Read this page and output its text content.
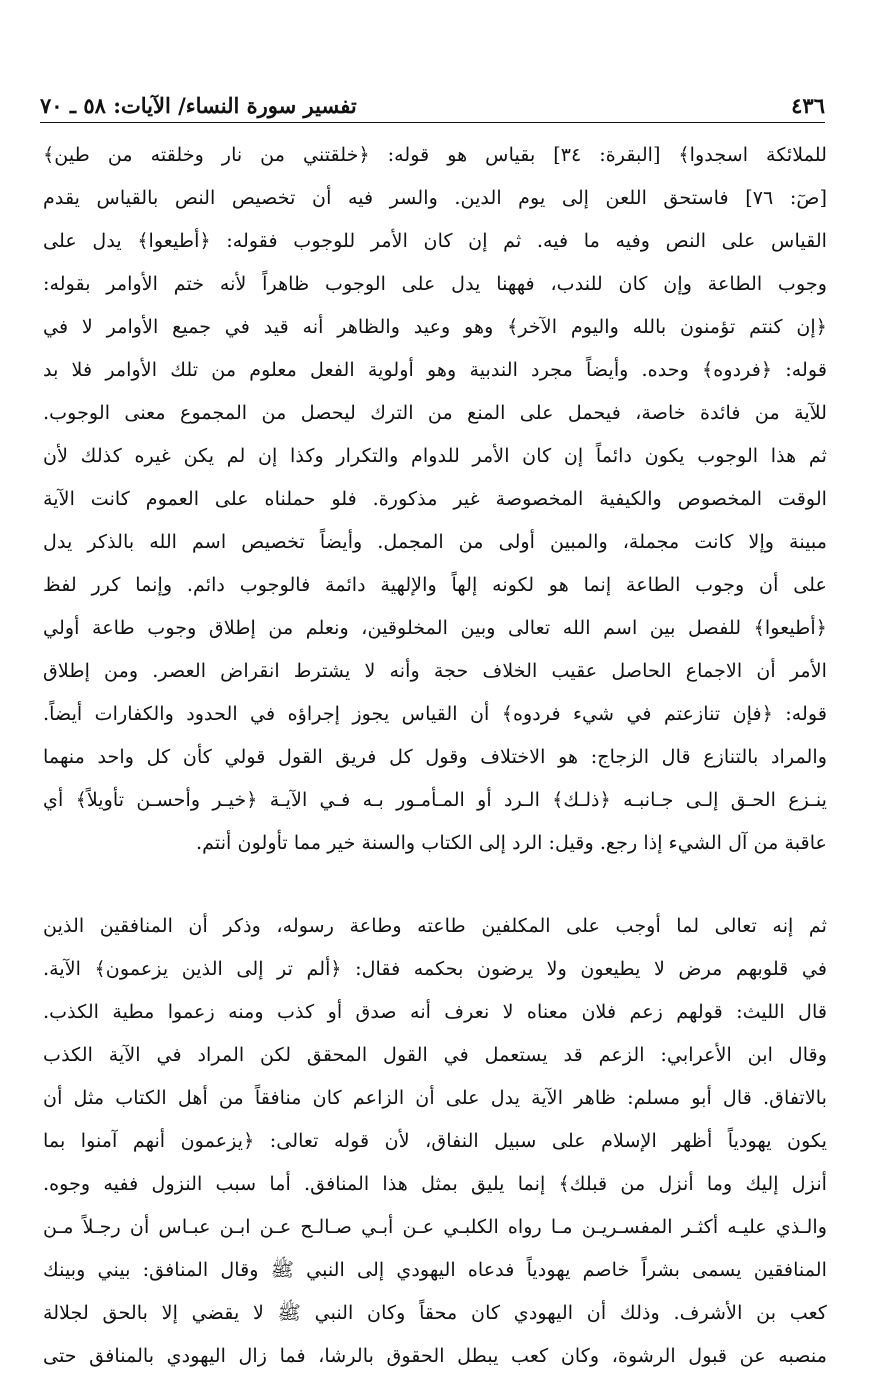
٤٣٦
تفسير سورة النساء/ الآيات: ٥٨ ـ ٧٠
للملائكة اسجدوا﴾ [البقرة: ٣٤] بقياس هو قوله: ﴿خلقتني من نار وخلقته من طين﴾
[صٓ: ٧٦] فاستحق اللعن إلى يوم الدين. والسر فيه أن تخصيص النص بالقياس يقدم
القياس على النص وفيه ما فيه. ثم إن كان الأمر للوجوب فقوله: ﴿أطيعوا﴾ يدل على
وجوب الطاعة وإن كان للندب، فههنا يدل على الوجوب ظاهراً لأنه ختم الأوامر بقوله:
﴿إن كنتم تؤمنون بالله واليوم الآخر﴾ وهو وعيد والظاهر أنه قيد في جميع الأوامر لا في
قوله: ﴿فردوه﴾ وحده. وأيضاً مجرد الندبية وهو أولوية الفعل معلوم من تلك الأوامر فلا بد
للآية من فائدة خاصة، فيحمل على المنع من الترك ليحصل من المجموع معنى الوجوب.
ثم هذا الوجوب يكون دائماً إن كان الأمر للدوام والتكرار وكذا إن لم يكن غيره كذلك لأن
الوقت المخصوص والكيفية المخصوصة غير مذكورة. فلو حملناه على العموم كانت الآية
مبينة وإلا كانت مجملة، والمبين أولى من المجمل. وأيضاً تخصيص اسم الله بالذكر يدل
على أن وجوب الطاعة إنما هو لكونه إلهاً والإلهية دائمة فالوجوب دائم. وإنما كرر لفظ
﴿أطيعوا﴾ للفصل بين اسم الله تعالى وبين المخلوقين، ونعلم من إطلاق وجوب طاعة أولي
الأمر أن الاجماع الحاصل عقيب الخلاف حجة وأنه لا يشترط انقراض العصر. ومن إطلاق
قوله: ﴿فإن تنازعتم في شيء فردوه﴾ أن القياس يجوز إجراؤه في الحدود والكفارات أيضاً.
والمراد بالتنازع قال الزجاج: هو الاختلاف وقول كل فريق القول قولي كأن كل واحد منهما
ينـزع الحـق إلـى جـانبـه ﴿ذلـك﴾ الـرد أو المـأمـور بـه فـي الآيـة ﴿خيـر وأحسـن تأويلاً﴾ أي
عاقبة من آل الشيء إذا رجع. وقيل: الرد إلى الكتاب والسنة خير مما تأولون أنتم.
ثم إنه تعالى لما أوجب على المكلفين طاعته وطاعة رسوله، وذكر أن المنافقين الذين
في قلوبهم مرض لا يطيعون ولا يرضون بحكمه فقال: ﴿ألم تر إلى الذين يزعمون﴾ الآية.
قال الليث: قولهم زعم فلان معناه لا نعرف أنه صدق أو كذب ومنه زعموا مطية الكذب.
وقال ابن الأعرابي: الزعم قد يستعمل في القول المحقق لكن المراد في الآية الكذب
بالاتفاق. قال أبو مسلم: ظاهر الآية يدل على أن الزاعم كان منافقاً من أهل الكتاب مثل أن
يكون يهودياً أظهر الإسلام على سبيل النفاق، لأن قوله تعالى: ﴿يزعمون أنهم آمنوا بما
أنزل إليك وما أنزل من قبلك﴾ إنما يليق بمثل هذا المنافق. أما سبب النزول ففيه وجوه.
والـذي عليـه أكثـر المفسـريـن مـا رواه الكلبـي عـن أبـي صـالـح عـن ابـن عبـاس أن رجـلاً مـن
المنافقين يسمى بشراً خاصم يهودياً فدعاه اليهودي إلى النبي ﷺ وقال المنافق: بيني وبينك
كعب بن الأشرف. وذلك أن اليهودي كان محقاً وكان النبي ﷺ لا يقضي إلا بالحق لجلالة
منصبه عن قبول الرشوة، وكان كعب يبطل الحقوق بالرشا، فما زال اليهودي بالمنافق حتى
